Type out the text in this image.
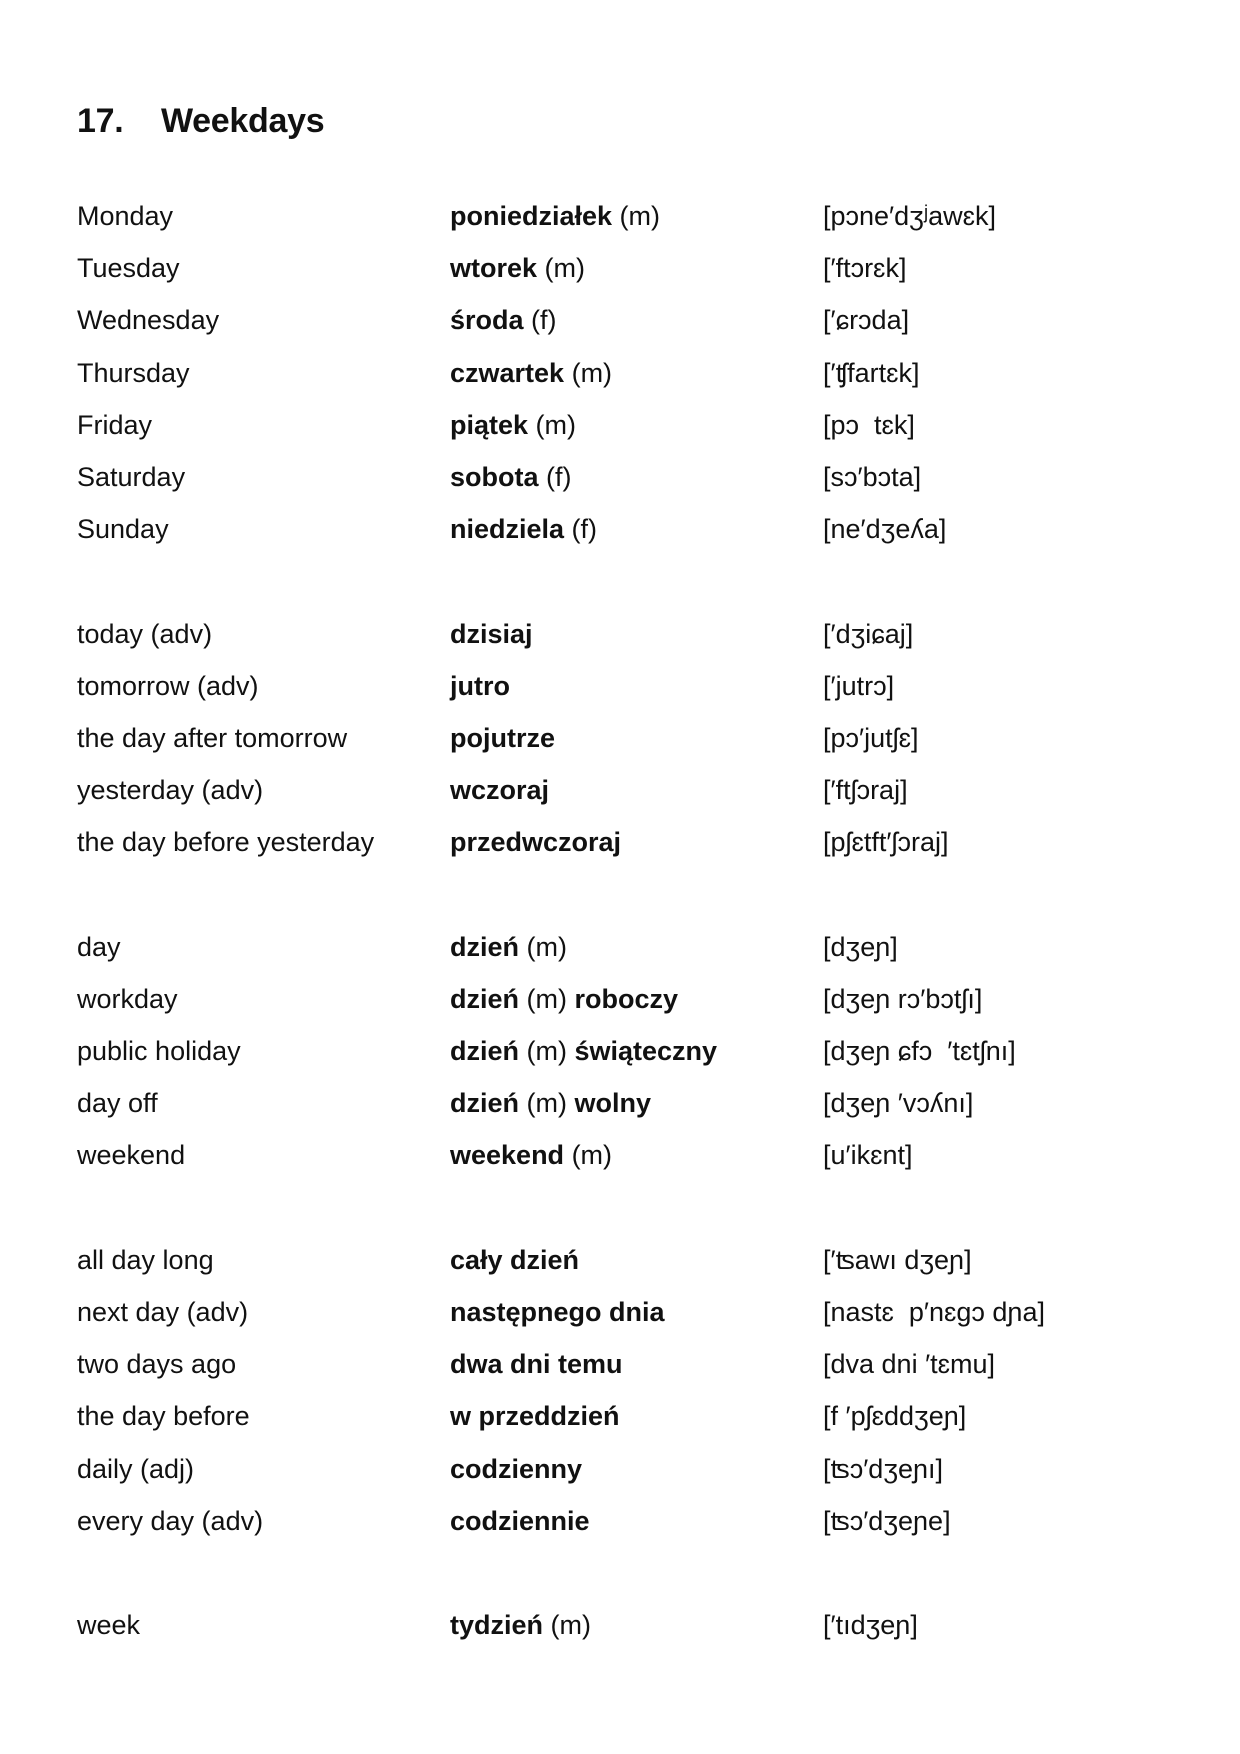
17. Weekdays
Monday	poniedziałek (m)	[pɔne′dʒʲawɛk]
Tuesday	wtorek (m)	[′ftɔrɛk]
Wednesday	środa (f)	[′ɕrɔda]
Thursday	czwartek (m)	[′ʧfartɛk]
Friday	piątek (m)	[pɔ  tɛk]
Saturday	sobota (f)	[sɔ′bɔta]
Sunday	niedziela (f)	[ne′dʒeʎa]
today (adv)	dzisiaj	[′dʒiɕaj]
tomorrow (adv)	jutro	[′jutrɔ]
the day after tomorrow	pojutrze	[pɔ′jutʃɛ]
yesterday (adv)	wczoraj	[′ftʃɔraj]
the day before yesterday	przedwczoraj	[pʃɛtft′ʃɔraj]
day	dzień (m)	[dʒeɲ]
workday	dzień (m) roboczy	[dʒeɲ rɔ′bɔtʃı]
public holiday	dzień (m) świąteczny	[dʒeɲ ɕfɔ  ′tɛtʃnı]
day off	dzień (m) wolny	[dʒeɲ ′vɔʎnı]
weekend	weekend (m)	[u′ikɛnt]
all day long	cały dzień	[′ʦawı dʒeɲ]
next day (adv)	następnego dnia	[nastɛ  p′nɛgɔ dɲa]
two days ago	dwa dni temu	[dva dni ′tɛmu]
the day before	w przeddzień	[f ′pʃɛddʒeɲ]
daily (adj)	codzienny	[ʦɔ′dʒeɲı]
every day (adv)	codziennie	[ʦɔ′dʒeɲe]
week	tydzień (m)	[′tıdʒeɲ]
